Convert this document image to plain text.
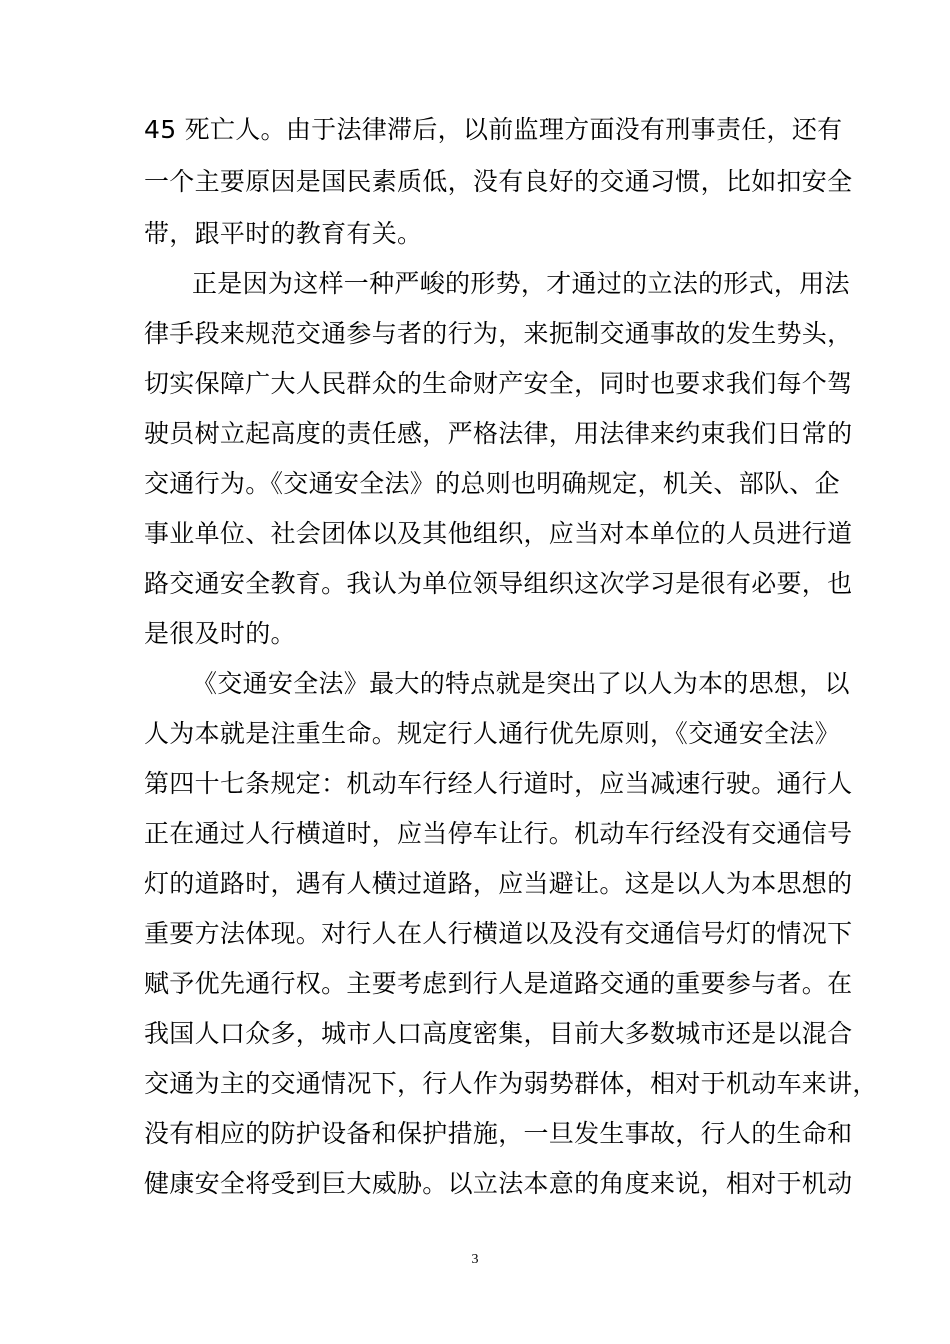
45 死亡人。由于法律滞后，以前监理方面没有刑事责任，还有
一个主要原因是国民素质低，没有良好的交通习惯，比如扣安全
带，跟平时的教育有关。
正是因为这样一种严峻的形势，才通过的立法的形式，用法
律手段来规范交通参与者的行为，来扼制交通事故的发生势头，
切实保障广大人民群众的生命财产安全，同时也要求我们每个驾
驶员树立起高度的责任感，严格法律，用法律来约束我们日常的
交通行为。《交通安全法》的总则也明确规定，机关、部队、企
事业单位、社会团体以及其他组织，应当对本单位的人员进行道
路交通安全教育。我认为单位领导组织这次学习是很有必要，也
是很及时的。
《交通安全法》最大的特点就是突出了以人为本的思想，以
人为本就是注重生命。规定行人通行优先原则，《交通安全法》
第四十七条规定：机动车行经人行道时，应当减速行驶。通行人
正在通过人行横道时，应当停车让行。机动车行经没有交通信号
灯的道路时，遇有人横过道路，应当避让。这是以人为本思想的
重要方法体现。对行人在人行横道以及没有交通信号灯的情况下
赋予优先通行权。主要考虑到行人是道路交通的重要参与者。在
我国人口众多，城市人口高度密集，目前大多数城市还是以混合
交通为主的交通情况下，行人作为弱势群体，相对于机动车来讲，
没有相应的防护设备和保护措施，一旦发生事故，行人的生命和
健康安全将受到巨大威胁。以立法本意的角度来说，相对于机动
3
